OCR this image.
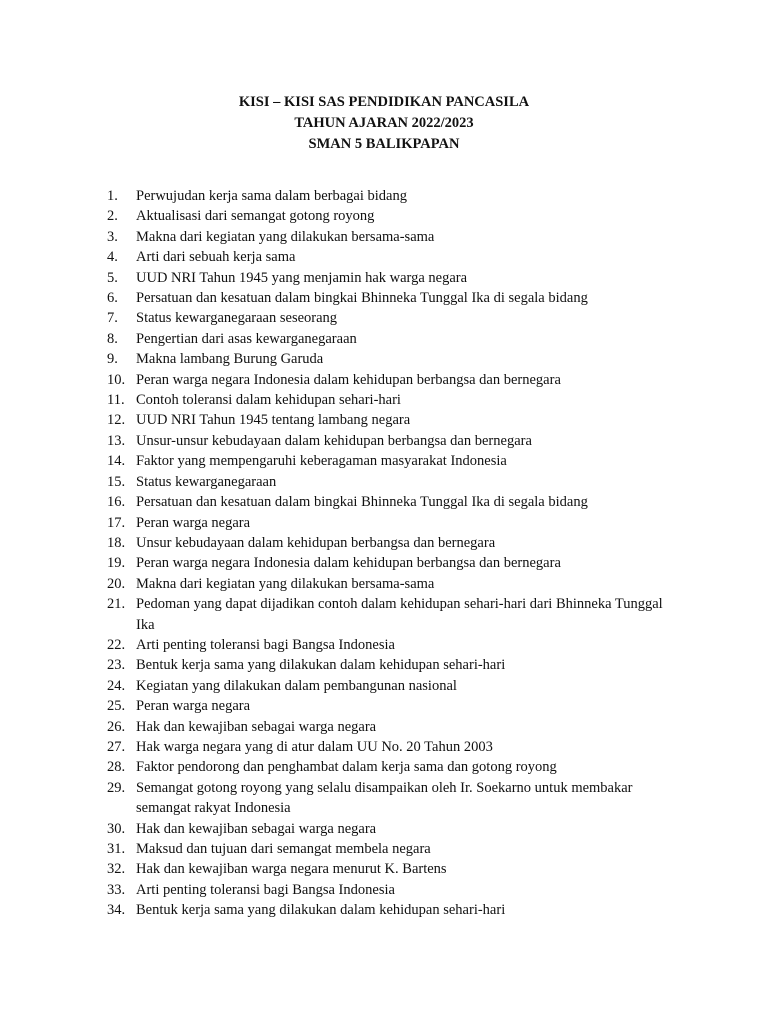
KISI – KISI SAS PENDIDIKAN PANCASILA
TAHUN AJARAN 2022/2023
SMAN 5 BALIKPAPAN
1.	Perwujudan kerja sama dalam berbagai bidang
2.	Aktualisasi dari semangat gotong royong
3.	Makna dari kegiatan yang dilakukan bersama-sama
4.	Arti dari sebuah kerja sama
5.	UUD NRI Tahun 1945 yang menjamin hak warga negara
6.	Persatuan dan kesatuan dalam bingkai Bhinneka Tunggal Ika di segala bidang
7.	Status kewarganegaraan seseorang
8.	Pengertian dari asas kewarganegaraan
9.	Makna lambang Burung Garuda
10. Peran warga negara Indonesia dalam kehidupan berbangsa dan bernegara
11. Contoh toleransi dalam kehidupan sehari-hari
12. UUD NRI Tahun 1945 tentang lambang negara
13. Unsur-unsur kebudayaan dalam kehidupan berbangsa dan bernegara
14. Faktor yang mempengaruhi keberagaman masyarakat Indonesia
15. Status kewarganegaraan
16. Persatuan dan kesatuan dalam bingkai Bhinneka Tunggal Ika di segala bidang
17. Peran warga negara
18. Unsur kebudayaan dalam kehidupan berbangsa dan bernegara
19. Peran warga negara Indonesia dalam kehidupan berbangsa dan bernegara
20. Makna dari kegiatan yang dilakukan bersama-sama
21. Pedoman yang dapat dijadikan contoh dalam kehidupan sehari-hari dari Bhinneka Tunggal Ika
22. Arti penting toleransi bagi Bangsa Indonesia
23. Bentuk kerja sama yang dilakukan dalam kehidupan sehari-hari
24. Kegiatan yang dilakukan dalam pembangunan nasional
25. Peran warga negara
26. Hak dan kewajiban sebagai warga negara
27. Hak warga negara yang di atur dalam UU No. 20 Tahun 2003
28. Faktor pendorong dan penghambat dalam kerja sama dan gotong royong
29. Semangat gotong royong yang selalu disampaikan oleh Ir. Soekarno untuk membakar semangat rakyat Indonesia
30. Hak dan kewajiban sebagai warga negara
31. Maksud dan tujuan dari semangat membela negara
32. Hak dan kewajiban warga negara menurut K. Bartens
33. Arti penting toleransi bagi Bangsa Indonesia
34. Bentuk kerja sama yang dilakukan dalam kehidupan sehari-hari
